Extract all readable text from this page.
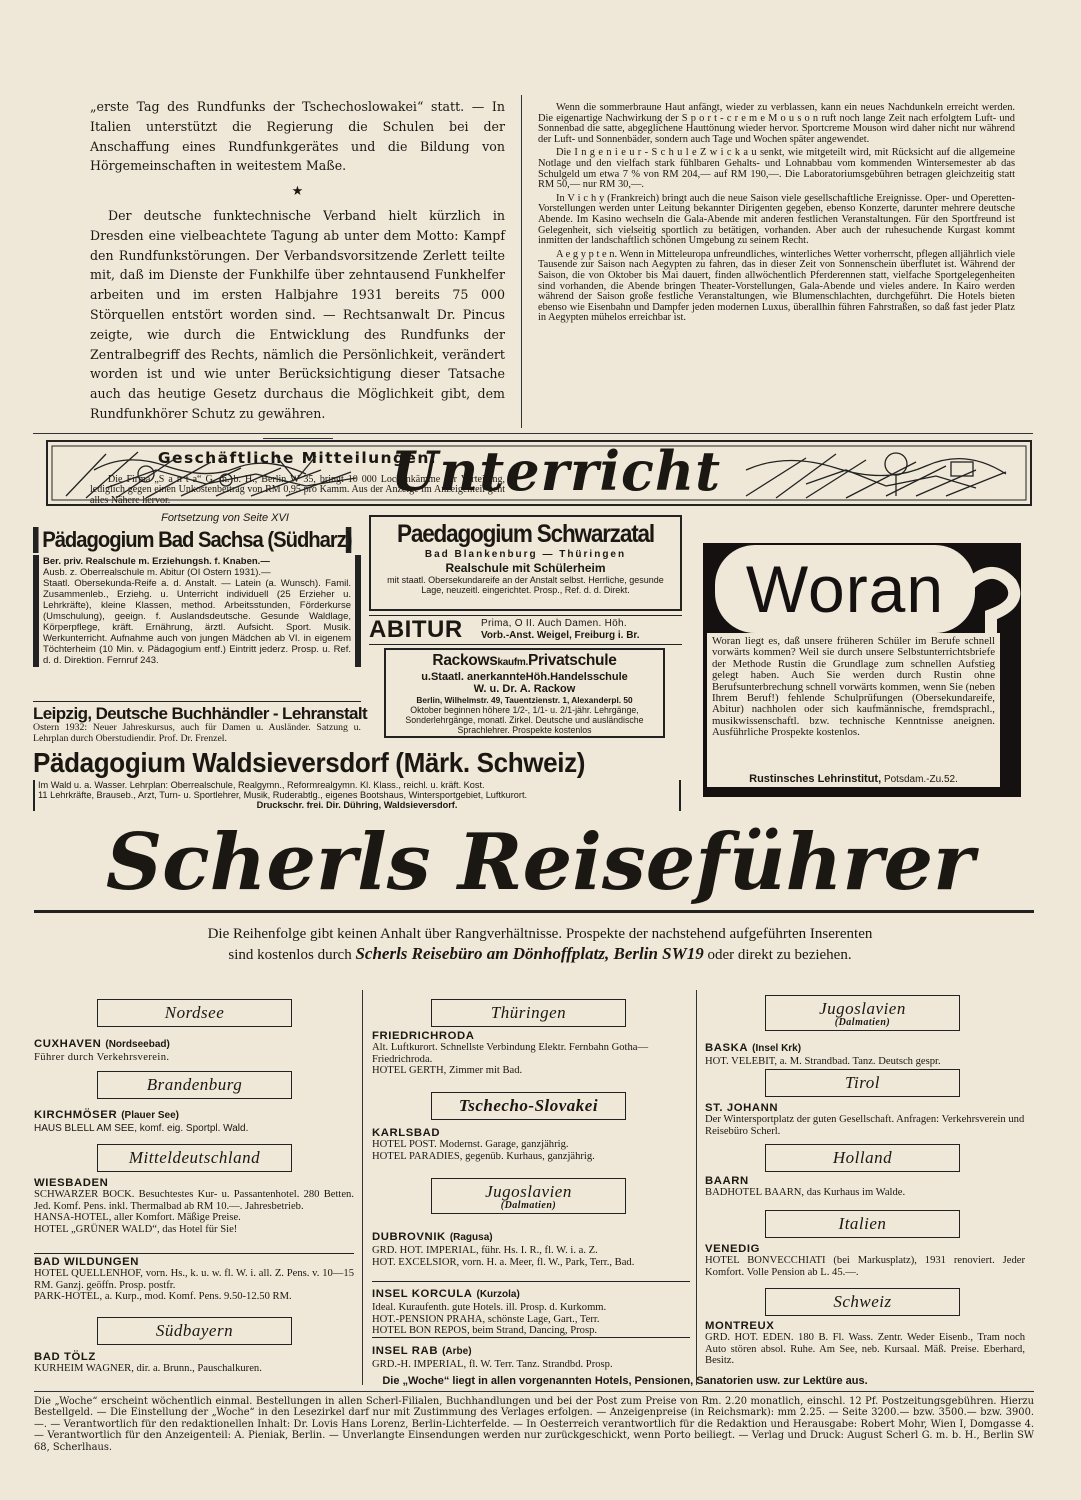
„erste Tag des Rundfunks der Tschechoslowakei“ statt. — In Italien unterstützt die Regierung die Schulen bei der Anschaffung eines Rundfunkgerätes und die Bildung von Hörgemeinschaften in weitestem Maße.

★

Der deutsche funktechnische Verband hielt kürzlich in Dresden eine vielbeachtete Tagung ab unter dem Motto: Kampf den Rundfunkstörungen. Der Verbandsvorsitzende Zerlett teilte mit, daß im Dienste der Funkhilfe über zehntausend Funkhelfer arbeiten und im ersten Halbjahre 1931 bereits 75 000 Störquellen entstört worden sind. — Rechtsanwalt Dr. Pincus zeigte, wie durch die Entwicklung des Rundfunks der Zentralbegriff des Rechts, nämlich die Persönlichkeit, verändert worden ist und wie unter Berücksichtigung dieser Tatsache auch das heutige Gesetz durchaus die Möglichkeit gibt, dem Rundfunkhörer Schutz zu gewähren.

Geschäftliche Mitteilungen.

Die Firma „S a n t a“ G. m. b. H., Berlin W 35, bringt 10 000 Lockenkämme zur Verteilung, lediglich gegen einen Unkostenbeitrag von RM 0,95 pro Kamm. Aus der Anzeige im Anzeigenteil geht alles Nähere hervor.

Wenn die sommerbraune Haut anfängt, wieder zu verblassen, kann ein neues Nachdunkeln erreicht werden. Die eigenartige Nachwirkung der S p o r t - c r e m e M o u s o n ruft noch lange Zeit nach erfolgtem Luft- und Sonnenbad die satte, abgeglichene Hauttönung wieder hervor. Sportcreme Mouson wird daher nicht nur während der Luft- und Sonnenbäder, sondern auch Tage und Wochen später angewendet.

Die I n g e n i e u r - S c h u l e Z w i c k a u senkt, wie mitgeteilt wird, mit Rücksicht auf die allgemeine Notlage und den vielfach stark fühlbaren Gehalts- und Lohnabbau vom kommenden Wintersemester ab das Schulgeld um etwa 7 % von RM 204,— auf RM 190,—. Die Laboratoriumsgebühren betragen gleichzeitig statt RM 50,— nur RM 30,—.

In V i c h y (Frankreich) bringt auch die neue Saison viele gesellschaftliche Ereignisse. Oper- und Operetten-Vorstellungen werden unter Leitung bekannter Dirigenten gegeben, ebenso Konzerte, darunter mehrere deutsche Abende. Im Kasino wechseln die Gala-Abende mit anderen festlichen Veranstaltungen. Für den Sportfreund ist Gelegenheit, sich vielseitig sportlich zu betätigen, vorhanden. Aber auch der ruhesuchende Kurgast kommt inmitten der landschaftlich schönen Umgebung zu seinem Recht.

A e g y p t e n. Wenn in Mitteleuropa unfreundliches, winterliches Wetter vorherrscht, pflegen alljährlich viele Tausende zur Saison nach Aegypten zu fahren, das in dieser Zeit von Sonnenschein überflutet ist. Während der Saison, die von Oktober bis Mai dauert, finden allwöchentlich Pferderennen statt, vielfache Sportgelegenheiten sind vorhanden, die Abende bringen Theater-Vorstellungen, Gala-Abende und vieles andere. In Kairo werden während der Saison große festliche Veranstaltungen, wie Blumenschlachten, durchgeführt. Die Hotels bieten ebenso wie Eisenbahn und Dampfer jeden modernen Luxus, überallhin führen Fahrstraßen, so daß fast jeder Platz in Aegypten mühelos erreichbar ist.

Unterricht
Fortsetzung von Seite XVI
Pädagogium Bad Sachsa (Südharz)
Ber. priv. Realschule m. Erziehungsh. f. Knaben.—
Ausb. z. Oberrealschule m. Abitur (OI Ostern 1931).—
Staatl. Obersekunda-Reife a. d. Anstalt. — Latein (a. Wunsch). Famil. Zusammenleb., Erziehg. u. Unterricht individuell (25 Erzieher u. Lehrkräfte), kleine Klassen, method. Arbeitsstunden, Förderkurse (Umschulung), geeign. f. Auslandsdeutsche. Gesunde Waldlage, Körperpflege, kräft. Ernährung, ärztl. Aufsicht. Sport. Musik. Werkunterricht. Aufnahme auch von jungen Mädchen ab VI. in eigenem Töchterheim (10 Min. v. Pädagogium entf.) Eintritt jederz. Prosp. u. Ref. d. d. Direktion. Fernruf 243.
Leipzig, Deutsche Buchhändler - Lehranstalt
Ostern 1932: Neuer Jahreskursus, auch für Damen u. Ausländer. Satzung u. Lehrplan durch Oberstudiendir. Prof. Dr. Frenzel.
Paedagogium Schwarzatal
Bad Blankenburg — Thüringen
Realschule mit Schülerheim
mit staatl. Obersekundareife an der Anstalt selbst. Herrliche, gesunde Lage, neuzeitl. eingerichtet. Prosp., Ref. d. d. Direkt.
ABITUR Prima, O II. Auch Damen. Höh.
Vorb.-Anst. Weigel, Freiburg i. Br.
Rackowskaufm.Privatschule
u.Staatl. anerkannteHöh.Handelsschule
W. u. Dr. A. Rackow
Berlin, Wilhelmstr. 49, Tauentzienstr. 1, Alexanderpl. 50
Oktober beginnen höhere 1/2-, 1/1- u. 2/1-jähr. Lehrgänge, Sonderlehrgänge, monatl. Zirkel. Deutsche und ausländische Sprachlehrer. Prospekte kostenlos
Woran
Woran liegt es, daß unsere früheren Schüler im Berufe schnell vorwärts kommen? Weil sie durch unsere Selbstunterrichtsbriefe der Methode Rustin die Grundlage zum schnellen Aufstieg gelegt haben. Auch Sie werden durch Rustin ohne Berufsunterbrechung schnell vorwärts kommen, wenn Sie (neben Ihrem Beruf!) fehlende Schulprüfungen (Obersekundareife, Abitur) nachholen oder sich kaufmännische, fremdsprachl., musikwissenschaftl. bzw. technische Kenntnisse aneignen. Ausführliche Prospekte kostenlos.
Rustinsches Lehrinstitut, Potsdam.-Zu.52.
Pädagogium Waldsieversdorf (Märk. Schweiz)
Im Wald u. a. Wasser. Lehrplan: Oberrealschule, Realgymn., Reformrealgymn. Kl. Klass., reichl. u. kräft. Kost.
11 Lehrkräfte, Brauseb., Arzt, Turn- u. Sportlehrer, Musik, Ruderabtlg., eigenes Bootshaus, Wintersportgebiet, Luftkurort.
Druckschr. frei. Dir. Dühring, Waldsieversdorf.
Scherls Reiseführer
Die Reihenfolge gibt keinen Anhalt über Rangverhältnisse. Prospekte der nachstehend aufgeführten Inserenten
sind kostenlos durch Scherls Reisebüro am Dönhoffplatz, Berlin SW19 oder direkt zu beziehen.
Nordsee
CUXHAVEN (Nordseebad)
Führer durch Verkehrsverein.
Brandenburg
KIRCHMÖSER (Plauer See)
HAUS BLELL AM SEE, komf. eig. Sportpl. Wald.
Mitteldeutschland
WIESBADEN
SCHWARZER BOCK. Besuchtestes Kur- u. Passantenhotel. 280 Betten. Jed. Komf. Pens. inkl. Thermalbad ab RM 10.—. Jahresbetrieb.
HANSA-HOTEL, aller Komfort. Mäßige Preise.
HOTEL „GRÜNER WALD“, das Hotel für Sie!
BAD WILDUNGEN
HOTEL QUELLENHOF, vorn. Hs., k. u. w. fl. W. i. all. Z. Pens. v. 10—15 RM. Ganzj. geöffn. Prosp. postfr.
PARK-HOTEL, a. Kurp., mod. Komf. Pens. 9.50-12.50 RM.
Südbayern
BAD TÖLZ
KURHEIM WAGNER, dir. a. Brunn., Pauschalkuren.
Thüringen
FRIEDRICHRODA
Alt. Luftkurort. Schnellste Verbindung Elektr. Fernbahn Gotha—Friedrichroda.
HOTEL GERTH, Zimmer mit Bad.
Tschecho-Slovakei
KARLSBAD
HOTEL POST. Modernst. Garage, ganzjährig.
HOTEL PARADIES, gegenüb. Kurhaus, ganzjährig.
Jugoslavien
(Dalmatien)
DUBROVNIK (Ragusa)
GRD. HOT. IMPERIAL, führ. Hs. I. R., fl. W. i. a. Z.
HOT. EXCELSIOR, vorn. H. a. Meer, fl. W., Park, Terr., Bad.
INSEL KORCULA (Kurzola)
Ideal. Kuraufenth. gute Hotels. ill. Prosp. d. Kurkomm.
HOT.-PENSION PRAHA, schönste Lage, Gart., Terr.
HOTEL BON REPOS, beim Strand, Dancing, Prosp.
INSEL RAB (Arbe)
GRD.-H. IMPERIAL, fl. W. Terr. Tanz. Strandbd. Prosp.
Jugoslavien
(Dalmatien)
BASKA (Insel Krk)
HOT. VELEBIT, a. M. Strandbad. Tanz. Deutsch gespr.
Tirol
ST. JOHANN
Der Wintersportplatz der guten Gesellschaft. Anfragen: Verkehrsverein und Reisebüro Scherl.
Holland
BAARN
BADHOTEL BAARN, das Kurhaus im Walde.
Italien
VENEDIG
HOTEL BONVECCHIATI (bei Markusplatz), 1931 renoviert. Jeder Komfort. Volle Pension ab L. 45.—.
Schweiz
MONTREUX
GRD. HOT. EDEN. 180 B. Fl. Wass. Zentr. Weder Eisenb., Tram noch Auto stören absol. Ruhe. Am See, neb. Kursaal. Mäß. Preise. Eberhard, Besitz.
Die „Woche“ liegt in allen vorgenannten Hotels, Pensionen, Sanatorien usw. zur Lektüre aus.
Die „Woche“ erscheint wöchentlich einmal. Bestellungen in allen Scherl-Filialen, Buchhandlungen und bei der Post zum Preise von Rm. 2.20 monatlich, einschl. 12 Pf. Postzeitungsgebühren. Hierzu Bestellgeld. — Die Einstellung der „Woche“ in den Lesezirkel darf nur mit Zustimmung des Verlages erfolgen. — Anzeigenpreise (in Reichsmark): mm 2.25. — Seite 3200.— bzw. 3500.— bzw. 3900.—. — Verantwortlich für den redaktionellen Inhalt: Dr. Lovis Hans Lorenz, Berlin-Lichterfelde. — In Oesterreich verantwortlich für die Redaktion und Herausgabe: Robert Mohr, Wien I, Domgasse 4. — Verantwortlich für den Anzeigenteil: A. Pieniak, Berlin. — Unverlangte Einsendungen werden nur zurückgeschickt, wenn Porto beiliegt. — Verlag und Druck: August Scherl G. m. b. H., Berlin SW 68, Scherlhaus.
